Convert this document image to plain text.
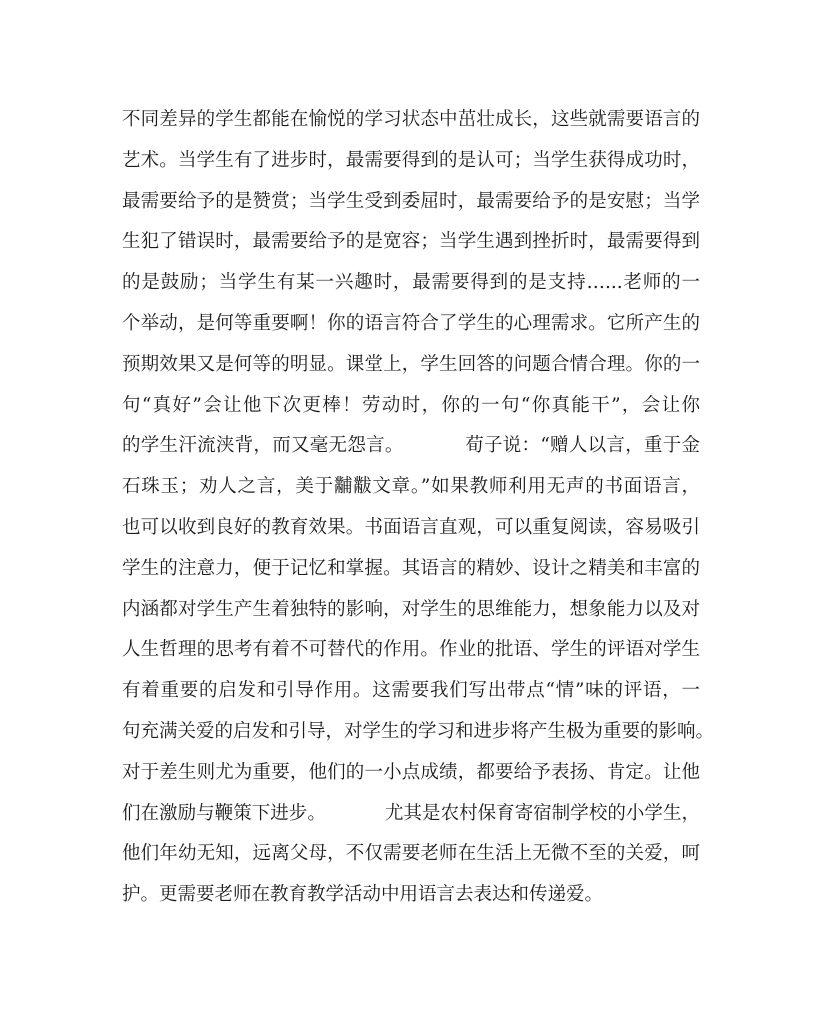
不同差异的学生都能在愉悦的学习状态中茁壮成长，这些就需要语言的
艺术。当学生有了进步时，最需要得到的是认可；当学生获得成功时，
最需要给予的是赞赏；当学生受到委屈时，最需要给予的是安慰；当学
生犯了错误时，最需要给予的是宽容；当学生遇到挫折时，最需要得到
的是鼓励；当学生有某一兴趣时，最需要得到的是支持…...老师的一
个举动，是何等重要啊！你的语言符合了学生的心理需求。它所产生的
预期效果又是何等的明显。课堂上，学生回答的问题合情合理。你的一
句“真好”会让他下次更棒！劳动时，你的一句“你真能干”，会让你
的学生汗流浃背，而又毫无怨言。          荀子说：“赠人以言，重于金
石珠玉；劝人之言，美于黼黻文章。”如果教师利用无声的书面语言，
也可以收到良好的教育效果。书面语言直观，可以重复阅读，容易吸引
学生的注意力，便于记忆和掌握。其语言的精妙、设计之精美和丰富的
内涵都对学生产生着独特的影响，对学生的思维能力，想象能力以及对
人生哲理的思考有着不可替代的作用。作业的批语、学生的评语对学生
有着重要的启发和引导作用。这需要我们写出带点“情”味的评语，一
句充满关爱的启发和引导，对学生的学习和进步将产生极为重要的影响。
对于差生则尤为重要，他们的一小点成绩，都要给予表扬、肯定。让他
们在激励与鞭策下进步。          尤其是农村保育寄宿制学校的小学生，
他们年幼无知，远离父母，不仅需要老师在生活上无微不至的关爱，呵
护。更需要老师在教育教学活动中用语言去表达和传递爱。
